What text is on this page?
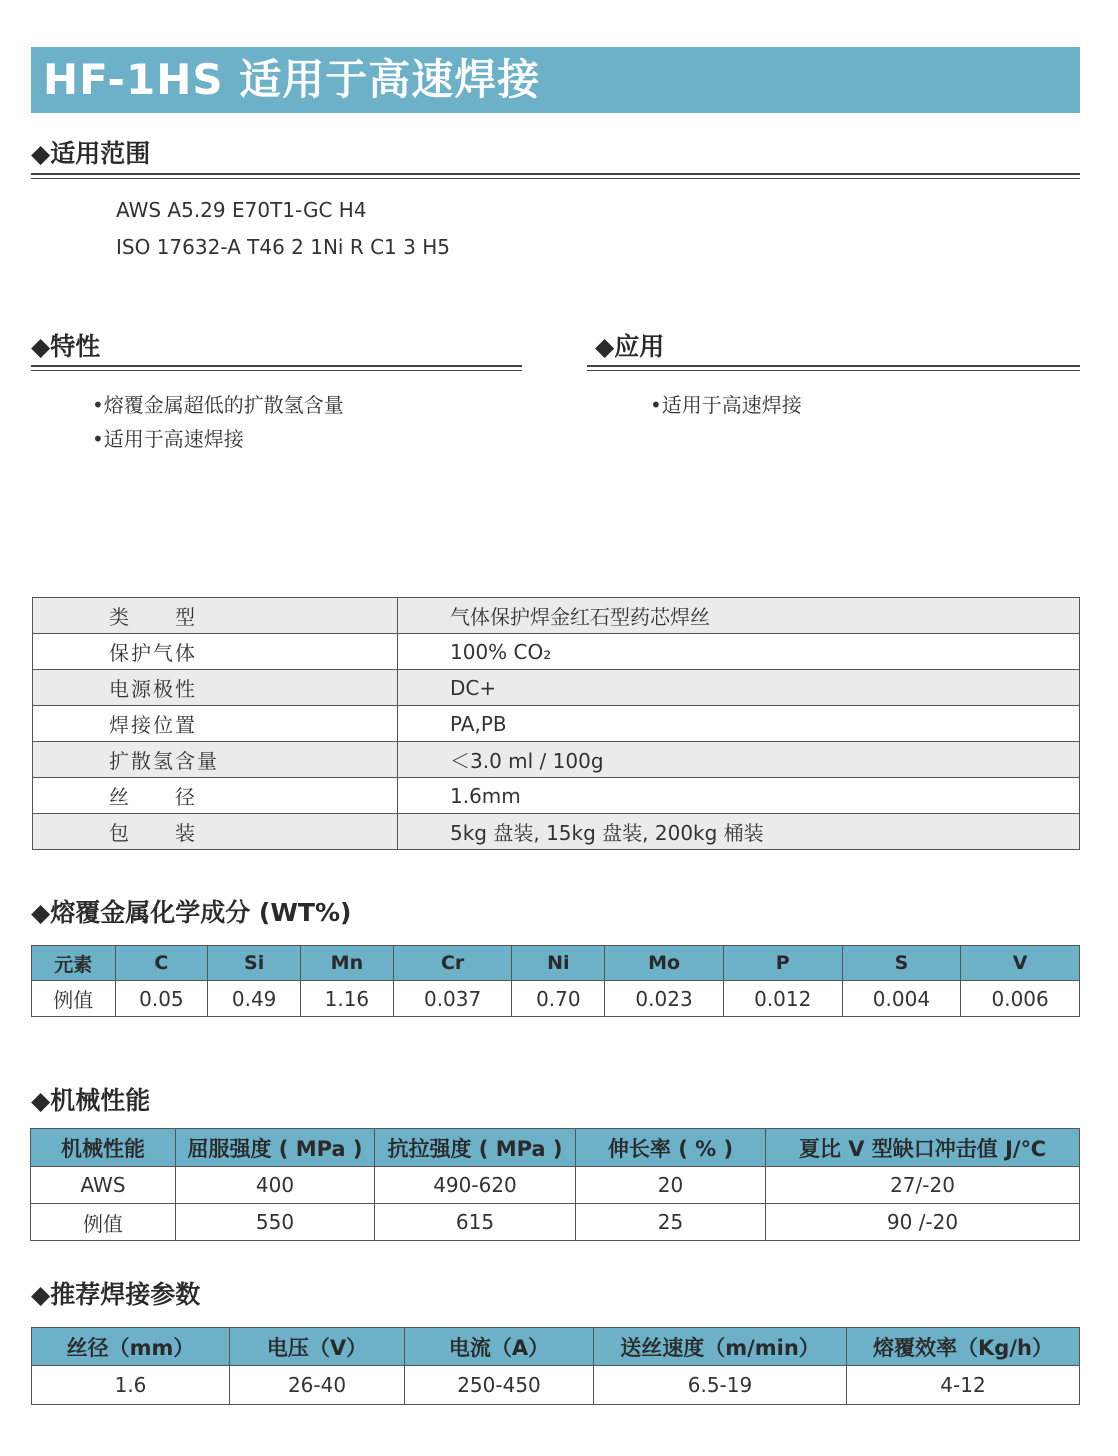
HF-1HS 适用于高速焊接
◆适用范围
AWS A5.29 E70T1-GC H4
ISO 17632-A T46 2 1Ni R C1 3 H5
◆特性
•熔覆金属超低的扩散氢含量
•适用于高速焊接
◆应用
•适用于高速焊接
类　　型	气体保护焊金红石型药芯焊丝
保护气体	100% CO₂
电源极性	DC+
焊接位置	PA,PB
扩散氢含量	＜3.0 ml / 100g
丝　　径	1.6mm
包　　装	5kg 盘装, 15kg 盘装, 200kg 桶装
◆熔覆金属化学成分 (WT%)
元素	C	Si	Mn	Cr	Ni	Mo	P	S	V
例值	0.05	0.49	1.16	0.037	0.70	0.023	0.012	0.004	0.006
◆机械性能
机械性能	屈服强度 ( MPa )	抗拉强度 ( MPa )	伸长率 ( % )	夏比 V 型缺口冲击值 J/℃
AWS	400	490-620	20	27/-20
例值	550	615	25	90 /-20
◆推荐焊接参数
丝径（mm）	电压（V）	电流（A）	送丝速度（m/min）	熔覆效率（Kg/h）
1.6	26-40	250-450	6.5-19	4-12
